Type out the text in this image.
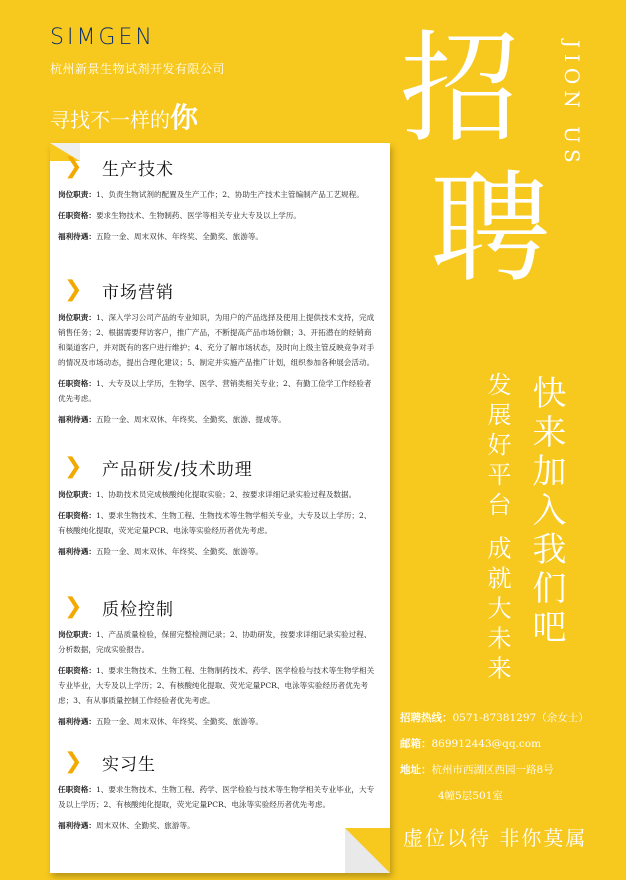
SIMGEN
杭州新景生物试剂开发有限公司
寻找不一样的你 招
聘
JION US
快来加入我们吧
发展好平台 成就大未来
❯	生产技术
岗位职责：1、负责生物试剂的配置及生产工作；2、协助生产技术主管编制产品工艺规程。
任职资格：要求生物技术、生物制药、医学等相关专业大专及以上学历。
福利待遇：五险一金、周末双休、年终奖、全勤奖、旅游等。
❯	市场营销
岗位职责：1、深入学习公司产品的专业知识，为用户的产品选择及使用上提供技术支持，完成销售任务；2、根据需要拜访客户，推广产品，不断提高产品市场份额；3、开拓潜在的经销商和渠道客户，并对既有的客户进行维护；4、充分了解市场状态，及时向上级主管反映竞争对手的情况及市场动态，提出合理化建议；5、制定并实施产品推广计划，组织参加各种展会活动。
任职资格：1、大专及以上学历，生物学、医学、营销类相关专业；2、有勤工俭学工作经验者优先考虑。
福利待遇：五险一金、周末双休、年终奖、全勤奖、旅游、提成等。
❯	产品研发/技术助理
岗位职责：1、协助技术员完成核酸纯化提取实验；2、按要求详细记录实验过程及数据。
任职资格：1、要求生物技术、生物工程、生物技术等生物学相关专业，大专及以上学历；2、有核酸纯化提取，荧光定量PCR、电泳等实验经历者优先考虑。
福利待遇：五险一金、周末双休、年终奖、全勤奖、旅游等。
❯	质检控制
岗位职责：1、产品质量检验，保留完整检测记录；2、协助研发，按要求详细记录实验过程、分析数据，完成实验报告。
任职资格：1、要求生物技术、生物工程、生物制药技术、药学、医学检验与技术等生物学相关专业毕业，大专及以上学历；2、有核酸纯化提取、荧光定量PCR、电泳等实验经历者优先考虑；3、有从事质量控制工作经验者优先考虑。
福利待遇：五险一金、周末双休、年终奖、全勤奖、旅游等。
❯	实习生
任职资格：1、要求生物技术、生物工程、药学、医学检验与技术等生物学相关专业毕业，大专及以上学历；2、有核酸纯化提取，荧光定量PCR、电泳等实验经历者优先考虑。
福利待遇：周末双休、全勤奖、旅游等。
招聘热线：0571-87381297（余女士）
邮箱：869912443@qq.com
地址：杭州市西湖区西园一路8号
4幢5层501室
虚位以待 非你莫属
